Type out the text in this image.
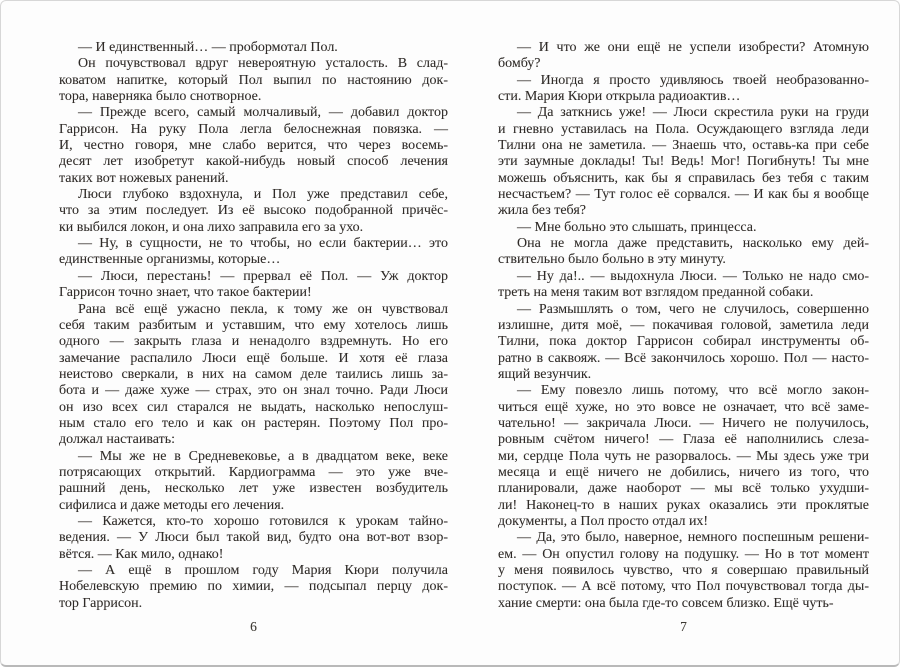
— И единственный… — пробормотал Пол.
Он почувствовал вдруг невероятную усталость. В слад-
коватом напитке, который Пол выпил по настоянию док-
тора, наверняка было снотворное.
— Прежде всего, самый молчаливый, — добавил доктор
Гаррисон. На руку Пола легла белоснежная повязка. —
И, честно говоря, мне слабо верится, что через восемь-
десят лет изобретут какой-нибудь новый способ лечения
таких вот ножевых ранений.
Люси глубоко вздохнула, и Пол уже представил себе,
что за этим последует. Из её высоко подобранной причёс-
ки выбился локон, и она лихо заправила его за ухо.
— Ну, в сущности, не то чтобы, но если бактерии… это
единственные организмы, которые…
— Люси, перестань! — прервал её Пол. — Уж доктор
Гаррисон точно знает, что такое бактерии!
Рана всё ещё ужасно пекла, к тому же он чувствовал
себя таким разбитым и уставшим, что ему хотелось лишь
одного — закрыть глаза и ненадолго вздремнуть. Но его
замечание распалило Люси ещё больше. И хотя её глаза
неистово сверкали, в них на самом деле таились лишь за-
бота и — даже хуже — страх, это он знал точно. Ради Люси
он изо всех сил старался не выдать, насколько непослуш-
ным стало его тело и как он растерян. Поэтому Пол про-
должал настаивать:
— Мы же не в Средневековье, а в двадцатом веке, веке
потрясающих открытий. Кардиограмма — это уже вче-
рашний день, несколько лет уже известен возбудитель
сифилиса и даже методы его лечения.
— Кажется, кто-то хорошо готовился к урокам тайно-
ведения. — У Люси был такой вид, будто она вот-вот взор-
вётся. — Как мило, однако!
— А ещё в прошлом году Мария Кюри получила
Нобелевскую премию по химии, — подсыпал перцу док-
тор Гаррисон.
6
— И что же они ещё не успели изобрести? Атомную
бомбу?
— Иногда я просто удивляюсь твоей необразованно-
сти. Мария Кюри открыла радиоактив…
— Да заткнись уже! — Люси скрестила руки на груди
и гневно уставилась на Пола. Осуждающего взгляда леди
Тилни она не заметила. — Знаешь что, оставь-ка при себе
эти заумные доклады! Ты! Ведь! Мог! Погибнуть! Ты мне
можешь объяснить, как бы я справилась без тебя с таким
несчастьем? — Тут голос её сорвался. — И как бы я вообще
жила без тебя?
— Мне больно это слышать, принцесса.
Она не могла даже представить, насколько ему дей-
ствительно было больно в эту минуту.
— Ну да!.. — выдохнула Люси. — Только не надо смо-
треть на меня таким вот взглядом преданной собаки.
— Размышлять о том, чего не случилось, совершенно
излишне, дитя моё, — покачивая головой, заметила леди
Тилни, пока доктор Гаррисон собирал инструменты об-
ратно в саквояж. — Всё закончилось хорошо. Пол — насто-
ящий везунчик.
— Ему повезло лишь потому, что всё могло закон-
читься ещё хуже, но это вовсе не означает, что всё заме-
чательно! — закричала Люси. — Ничего не получилось,
ровным счётом ничего! — Глаза её наполнились слеза-
ми, сердце Пола чуть не разорвалось. — Мы здесь уже три
месяца и ещё ничего не добились, ничего из того, что
планировали, даже наоборот — мы всё только ухудши-
ли! Наконец-то в наших руках оказались эти проклятые
документы, а Пол просто отдал их!
— Да, это было, наверное, немного поспешным решени-
ем. — Он опустил голову на подушку. — Но в тот момент
у меня появилось чувство, что я совершаю правильный
поступок. — А всё потому, что Пол почувствовал тогда ды-
хание смерти: она была где-то совсем близко. Ещё чуть-
7
